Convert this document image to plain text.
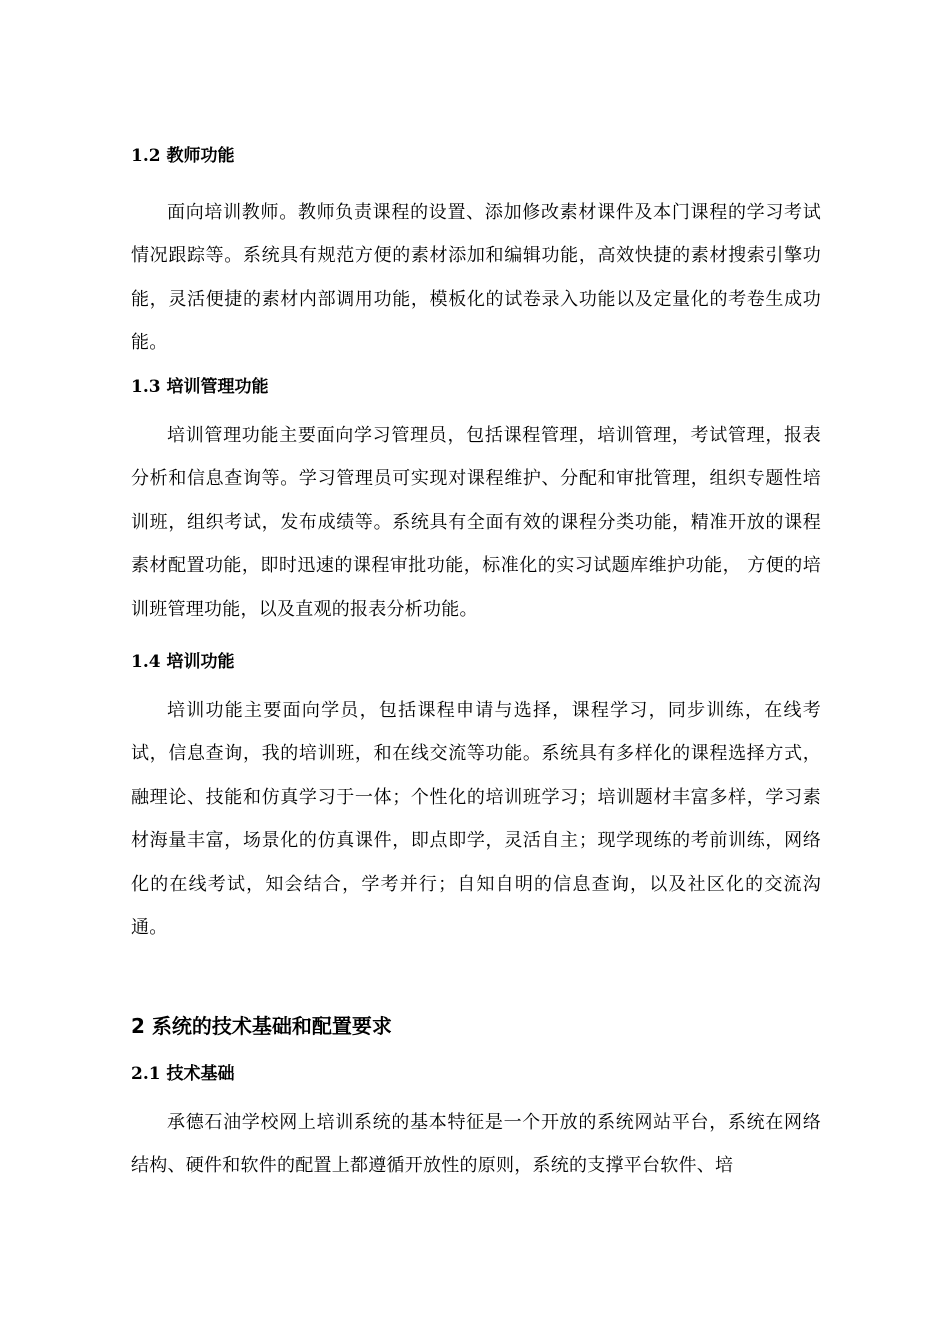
1.2 教师功能

面向培训教师。教师负责课程的设置、添加修改素材课件及本门课程的学习考试情况跟踪等。系统具有规范方便的素材添加和编辑功能，高效快捷的素材搜索引擎功能，灵活便捷的素材内部调用功能，模板化的试卷录入功能以及定量化的考卷生成功能。

1.3 培训管理功能

培训管理功能主要面向学习管理员，包括课程管理，培训管理，考试管理，报表分析和信息查询等。学习管理员可实现对课程维护、分配和审批管理，组织专题性培训班，组织考试，发布成绩等。系统具有全面有效的课程分类功能，精准开放的课程素材配置功能，即时迅速的课程审批功能，标准化的实习试题库维护功能， 方便的培训班管理功能，以及直观的报表分析功能。

1.4 培训功能

培训功能主要面向学员，包括课程申请与选择，课程学习，同步训练，在线考试，信息查询，我的培训班，和在线交流等功能。系统具有多样化的课程选择方式，融理论、技能和仿真学习于一体；个性化的培训班学习；培训题材丰富多样，学习素材海量丰富，场景化的仿真课件，即点即学，灵活自主；现学现练的考前训练，网络化的在线考试，知会结合，学考并行；自知自明的信息查询，以及社区化的交流沟通。

2 系统的技术基础和配置要求
2.1 技术基础

承德石油学校网上培训系统的基本特征是一个开放的系统网站平台，系统在网络结构、硬件和软件的配置上都遵循开放性的原则，系统的支撑平台软件、培
